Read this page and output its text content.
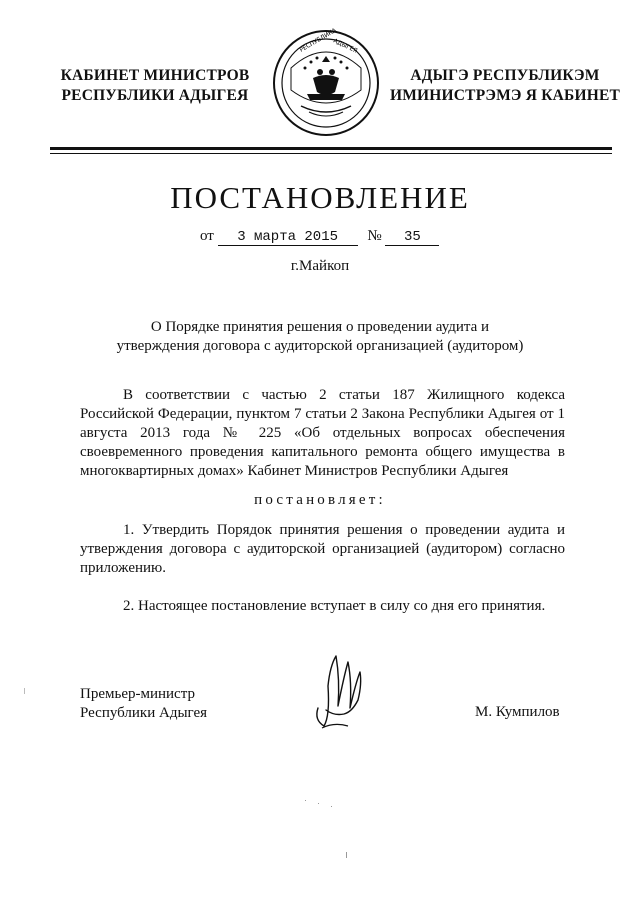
КАБИНЕТ МИНИСТРОВ
РЕСПУБЛИКИ АДЫГЕЯ
РЕСПУБЛИКА
АДЫГЕЯ
АДЫГЭ РЕСПУБЛИКЭМ
ИМИНИСТРЭМЭ Я КАБИНЕТ
ПОСТАНОВЛЕНИЕ
от 3 марта 2015 № 35
г.Майкоп
О Порядке принятия решения о проведении аудита и
утверждения договора с аудиторской организацией (аудитором)
В соответствии с частью 2 статьи 187 Жилищного кодекса Российской Федерации, пунктом 7 статьи 2 Закона Республики Адыгея от 1 августа 2013 года № 225 «Об отдельных вопросах обеспечения своевременного проведения капитального ремонта общего имущества в многоквартирных домах» Кабинет Министров Республики Адыгея
постановляет:
1. Утвердить Порядок принятия решения о проведении аудита и утверждения договора с аудиторской организацией (аудитором) согласно приложению.
2. Настоящее постановление вступает в силу со дня его принятия.
Премьер-министр
Республики Адыгея	М. Кумпилов
